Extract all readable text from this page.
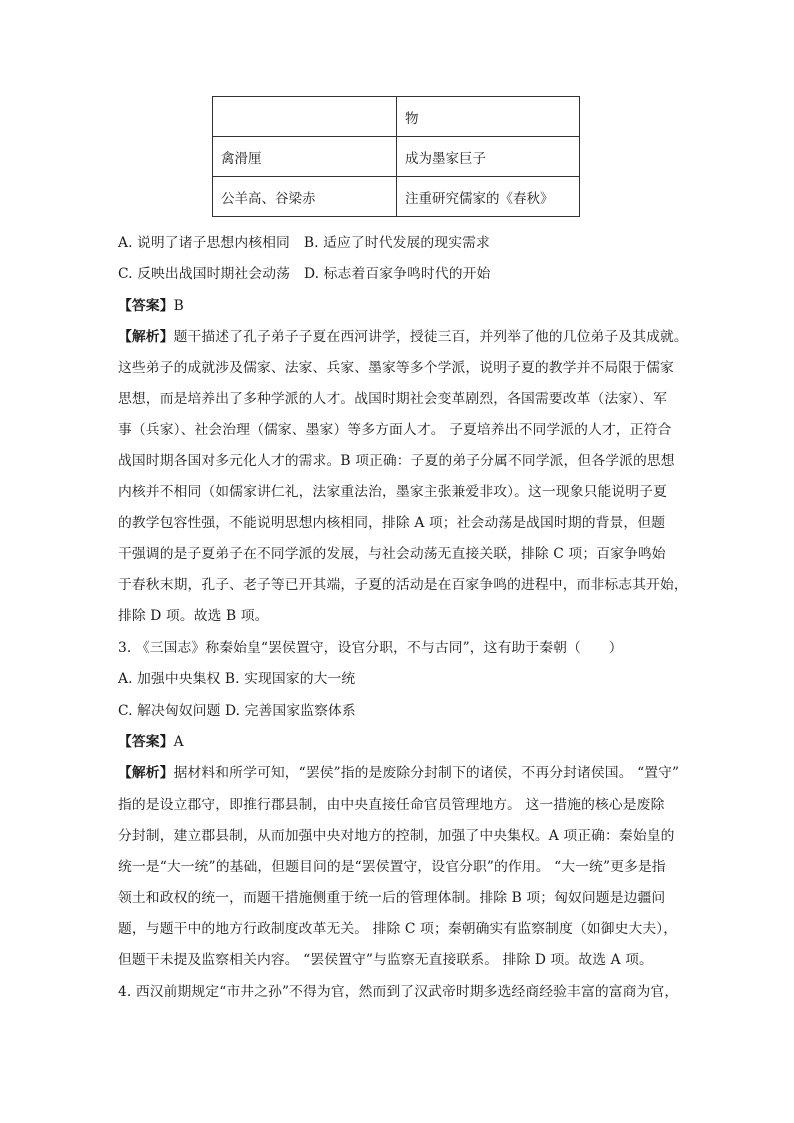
	物
禽滑厘	成为墨家巨子
公羊高、谷梁赤	注重研究儒家的《春秋》
A. 说明了诸子思想内核相同 B. 适应了时代发展的现实需求
C. 反映出战国时期社会动荡 D. 标志着百家争鸣时代的开始
【答案】B
【解析】题干描述了孔子弟子子夏在西河讲学，授徒三百，并列举了他的几位弟子及其成就。
这些弟子的成就涉及儒家、法家、兵家、墨家等多个学派，说明子夏的教学并不局限于儒家
思想，而是培养出了多种学派的人才。战国时期社会变革剧烈，各国需要改革（法家）、军
事（兵家）、社会治理（儒家、墨家）等多方面人才。 子夏培养出不同学派的人才，正符合
战国时期各国对多元化人才的需求。B 项正确：子夏的弟子分属不同学派，但各学派的思想
内核并不相同（如儒家讲仁礼，法家重法治，墨家主张兼爱非攻）。这一现象只能说明子夏
的教学包容性强，不能说明思想内核相同，排除 A 项；社会动荡是战国时期的背景，但题
干强调的是子夏弟子在不同学派的发展，与社会动荡无直接关联，排除 C 项；百家争鸣始
于春秋末期，孔子、老子等已开其端，子夏的活动是在百家争鸣的进程中，而非标志其开始，
排除 D 项。故选 B 项。
3. 《三国志》称秦始皇“罢侯置守，设官分职，不与古同”，这有助于秦朝（　　）
A. 加强中央集权 B. 实现国家的大一统
C. 解决匈奴问题 D. 完善国家监察体系
【答案】A
【解析】据材料和所学可知，“罢侯”指的是废除分封制下的诸侯，不再分封诸侯国。 “置守”
指的是设立郡守，即推行郡县制，由中央直接任命官员管理地方。 这一措施的核心是废除
分封制，建立郡县制，从而加强中央对地方的控制，加强了中央集权。A 项正确：秦始皇的
统一是“大一统”的基础，但题目问的是“罢侯置守，设官分职”的作用。 “大一统”更多是指
领土和政权的统一，而题干措施侧重于统一后的管理体制。排除 B 项；匈奴问题是边疆问
题，与题干中的地方行政制度改革无关。 排除 C 项；秦朝确实有监察制度（如御史大夫），
但题干未提及监察相关内容。 “罢侯置守”与监察无直接联系。 排除 D 项。故选 A 项。
4. 西汉前期规定“市井之孙”不得为官，然而到了汉武帝时期多选经商经验丰富的富商为官，
